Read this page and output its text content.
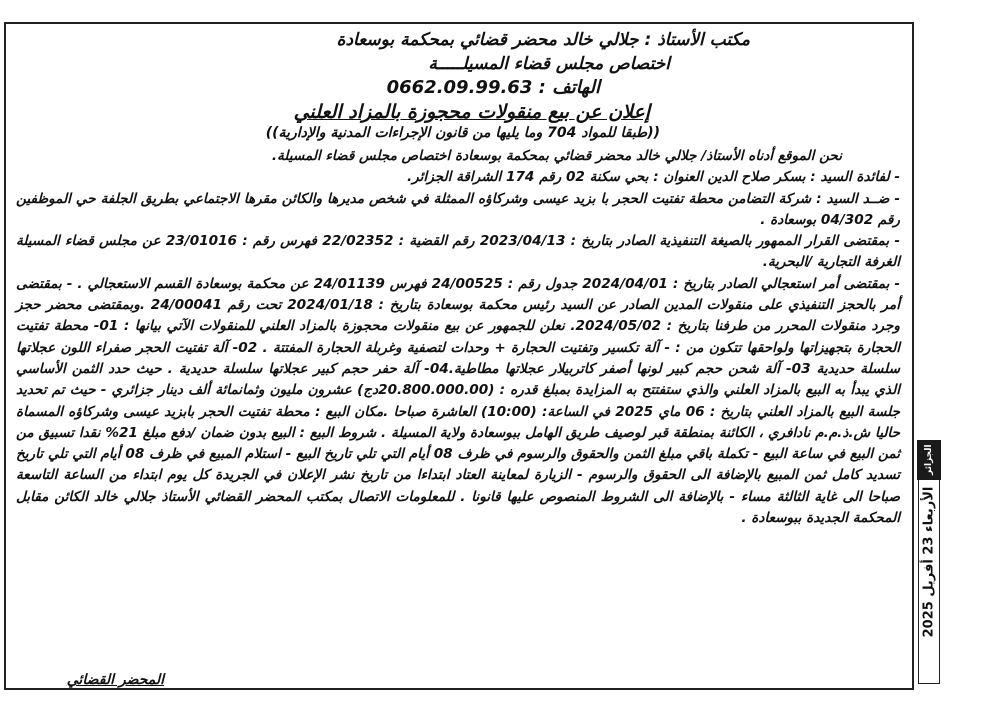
مكتب الأستاذ : جلالي خالد محضر قضائي بمحكمة بوسعادة
اختصاص مجلس قضاء المسيلـــــة
الهاتف : 0662.09.99.63
إعلان عن بيع منقولات محجوزة بالمزاد العلني
((طبقا للمواد 704 وما يليها من قانون الإجراءات المدنية والإدارية))

نحن الموقع أدناه الأستاذ/ جلالي خالد محضر قضائي بمحكمة بوسعادة اختصاص مجلس قضاء المسيلة.

- لفائدة السيد : بسكر صلاح الدين العنوان : بحي سكنة 02 رقم 174 الشراقة الجزائر.

- ضــد السيد : شركة التضامن محطة تفتيت الحجر با بزيد عيسى وشركاؤه الممثلة في شخص مديرها والكائن مقرها الاجتماعي بطريق الجلفة حي الموظفين رقم 04/302 بوسعادة .

- بمقتضى القرار الممهور بالصيغة التنفيذية الصادر بتاريخ : 2023/04/13 رقم القضية : 22/02352 فهرس رقم : 23/01016 عن مجلس قضاء المسيلة الغرفة التجارية /البحرية.

- بمقتضى أمر استعجالي الصادر بتاريخ : 2024/04/01 جدول رقم : 24/00525 فهرس 24/01139 عن محكمة بوسعادة القسم الاستعجالي . - بمقتضى أمر بالحجز التنفيذي على منقولات المدين الصادر عن السيد رئيس محكمة بوسعادة بتاريخ : 2024/01/18 تحت رقم 24/00041 .وبمقتضى محضر حجز وجرد منقولات المحرر من طرفنا بتاريخ : 2024/05/02. نعلن للجمهور عن بيع منقولات محجوزة بالمزاد العلني للمنقولات الآتي بيانها : 01- محطة تفتيت الحجارة بتجهيزاتها ولواحقها تتكون من : - آلة تكسير وتفتيت الحجارة + وحدات لتصفية وغربلة الحجارة المفتتة . 02- آلة تفتيت الحجر صفراء اللون عجلاتها سلسلة حديدية 03- آلة شحن حجم كبير لونها أصفر كاتربيلار عجلاتها مطاطية.04- آلة حفر حجم كبير عجلاتها سلسلة حديدية . حيث حدد الثمن الأساسي الذي يبدأ به البيع بالمزاد العلني والذي ستفتتح به المزايدة بمبلغ قدره : (20.800.000.00دج) عشرون مليون وثمانمائة ألف دينار جزائري - حيث تم تحديد جلسة البيع بالمزاد العلني بتاريخ : 06 ماي 2025 في الساعة: (10:00) العاشرة صباحا .مكان البيع : محطة تفتيت الحجر بابزيد عيسى وشركاؤه المسماة حاليا ش.ذ.م.م نادافري ، الكائنة بمنطقة قبر لوصيف طريق الهامل ببوسعادة ولاية المسيلة . شروط البيع : البيع بدون ضمان /دفع مبلغ 21% نقدا تسبيق من ثمن البيع في ساعة البيع - تكملة باقي مبلغ الثمن والحقوق والرسوم في ظرف 08 أيام التي تلي تاريخ البيع - استلام المبيع في ظرف 08 أيام التي تلي تاريخ تسديد كامل ثمن المبيع بالإضافة الى الحقوق والرسوم - الزيارة لمعاينة العتاد ابتداءا من تاريخ نشر الإعلان في الجريدة كل يوم ابتداء من الساعة التاسعة صباحا الى غاية الثالثة مساء - بالإضافة الى الشروط المنصوص عليها قانونا . للمعلومات الاتصال بمكتب المحضر القضائي الأستاذ جلالي خالد الكائن مقابل المحكمة الجديدة ببوسعادة .

المحضر القضائي
الأربعاء 23 أفريل 2025
الجزائر
